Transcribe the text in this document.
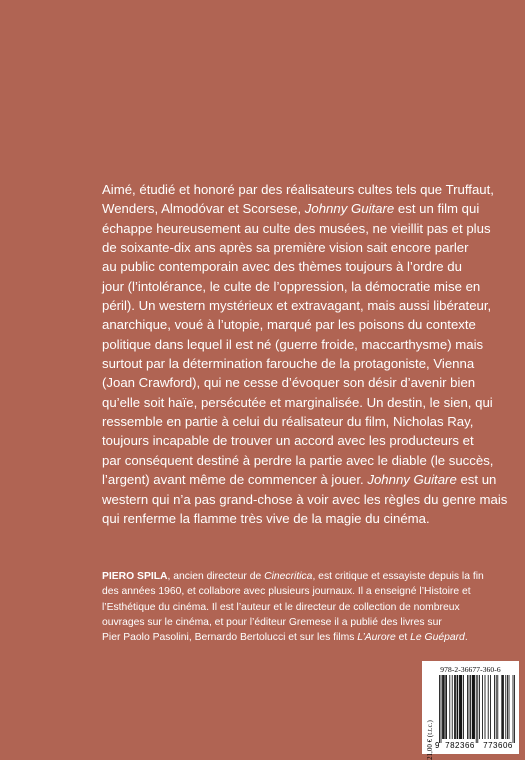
Aimé, étudié et honoré par des réalisateurs cultes tels que Truffaut,
Wenders, Almodóvar et Scorsese, Johnny Guitare est un film qui
échappe heureusement au culte des musées, ne vieillit pas et plus
de soixante-dix ans après sa première vision sait encore parler
au public contemporain avec des thèmes toujours à l’ordre du
jour (l’intolérance, le culte de l’oppression, la démocratie mise en
péril). Un western mystérieux et extravagant, mais aussi libérateur,
anarchique, voué à l’utopie, marqué par les poisons du contexte
politique dans lequel il est né (guerre froide, maccarthysme) mais
surtout par la détermination farouche de la protagoniste, Vienna
(Joan Crawford), qui ne cesse d’évoquer son désir d’avenir bien
qu’elle soit haïe, persécutée et marginalisée. Un destin, le sien, qui
ressemble en partie à celui du réalisateur du film, Nicholas Ray,
toujours incapable de trouver un accord avec les producteurs et
par conséquent destiné à perdre la partie avec le diable (le succès,
l’argent) avant même de commencer à jouer. Johnny Guitare est un
western qui n’a pas grand-chose à voir avec les règles du genre mais
qui renferme la flamme très vive de la magie du cinéma.
PIERO SPILA, ancien directeur de Cinecritica, est critique et essayiste depuis la fin
des années 1960, et collabore avec plusieurs journaux. Il a enseigné l’Histoire et
l’Esthétique du cinéma. Il est l’auteur et le directeur de collection de nombreux
ouvrages sur le cinéma, et pour l’éditeur Gremese il a publié des livres sur
Pier Paolo Pasolini, Bernardo Bertolucci et sur les films L’Aurore et Le Guépard.
978-2-36677-360-6
21,00 € (t.t.c.) 9 782366	773606
